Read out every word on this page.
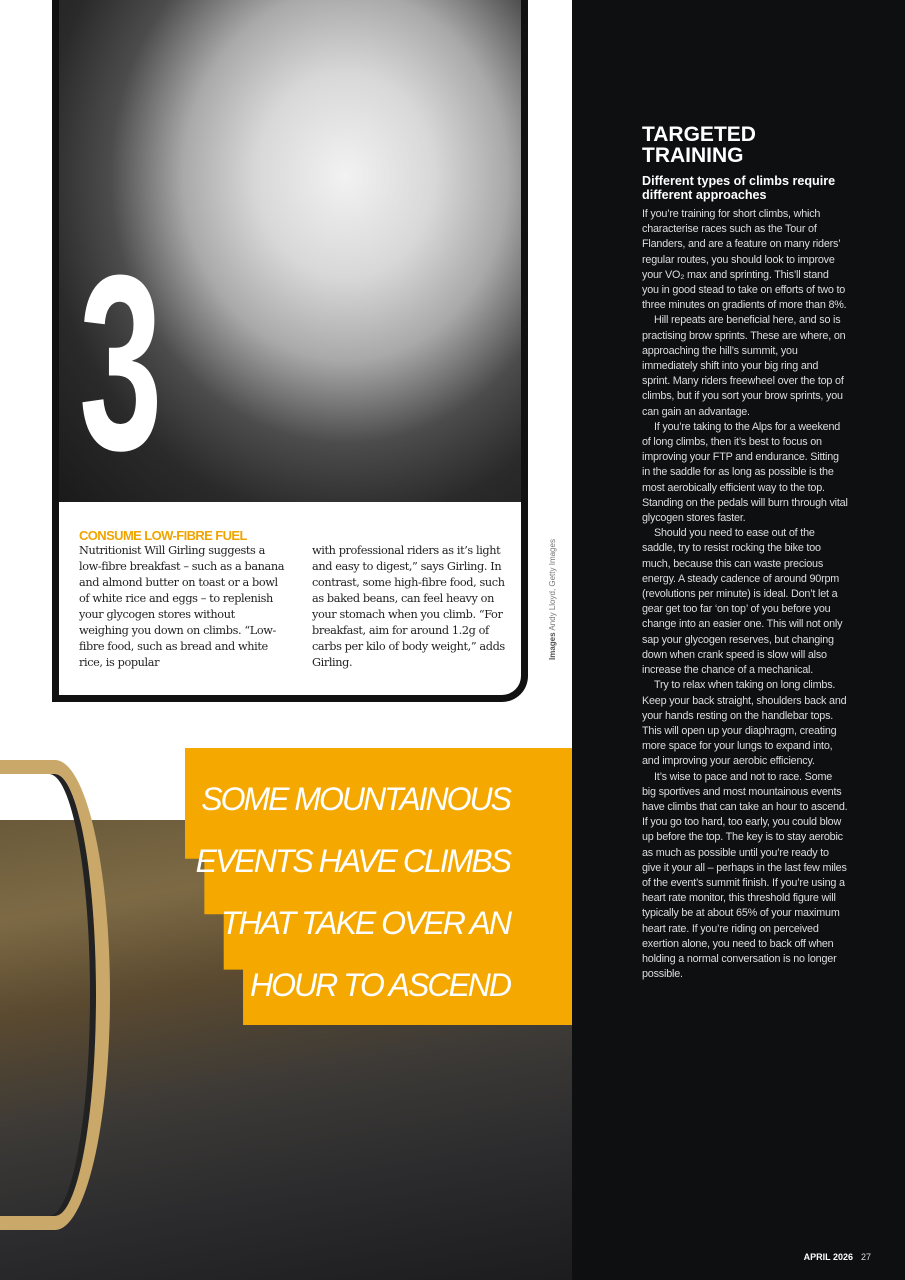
3
CONSUME LOW-FIBRE FUEL

Nutritionist Will Girling suggests a low-fibre breakfast – such as a banana and almond butter on toast or a bowl of white rice and eggs – to replenish your glycogen stores without weighing you down on climbs. “Low-fibre food, such as bread and white rice, is popular

with professional riders as it’s light and easy to digest,” says Girling. In contrast, some high-fibre food, such as baked beans, can feel heavy on your stomach when you climb. “For breakfast, aim for around 1.2g of carbs per kilo of body weight,” adds Girling.

Images Andy Lloyd, Getty Images
SOME MOUNTAINOUS EVENTS HAVE CLIMBS THAT TAKE OVER AN HOUR TO ASCEND
TARGETED TRAINING
Different types of climbs require different approaches

If you’re training for short climbs, which characterise races such as the Tour of Flanders, and are a feature on many riders’ regular routes, you should look to improve your VO₂ max and sprinting. This’ll stand you in good stead to take on efforts of two to three minutes on gradients of more than 8%.

Hill repeats are beneficial here, and so is practising brow sprints. These are where, on approaching the hill’s summit, you immediately shift into your big ring and sprint. Many riders freewheel over the top of climbs, but if you sort your brow sprints, you can gain an advantage.

If you’re taking to the Alps for a weekend of long climbs, then it’s best to focus on improving your FTP and endurance. Sitting in the saddle for as long as possible is the most aerobically efficient way to the top. Standing on the pedals will burn through vital glycogen stores faster.

Should you need to ease out of the saddle, try to resist rocking the bike too much, because this can waste precious energy. A steady cadence of around 90rpm (revolutions per minute) is ideal. Don’t let a gear get too far ‘on top’ of you before you change into an easier one. This will not only sap your glycogen reserves, but changing down when crank speed is slow will also increase the chance of a mechanical.

Try to relax when taking on long climbs. Keep your back straight, shoulders back and your hands resting on the handlebar tops. This will open up your diaphragm, creating more space for your lungs to expand into, and improving your aerobic efficiency.

It’s wise to pace and not to race. Some big sportives and most mountainous events have climbs that can take an hour to ascend. If you go too hard, too early, you could blow up before the top. The key is to stay aerobic as much as possible until you’re ready to give it your all – perhaps in the last few miles of the event’s summit finish. If you’re using a heart rate monitor, this threshold figure will typically be at about 65% of your maximum heart rate. If you’re riding on perceived exertion alone, you need to back off when holding a normal conversation is no longer possible.

APRIL 2026 27
